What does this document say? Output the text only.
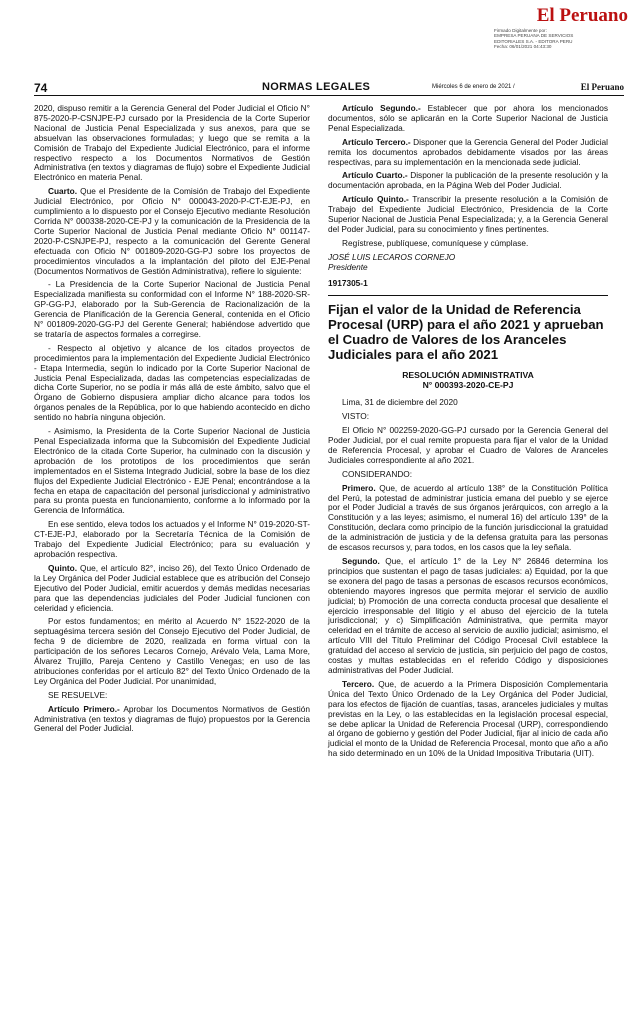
El Peruano
Firmado Digitalmente por:
EMPRESA PERUANA DE SERVICIOS
EDITORIALES S.A. - EDITORA PERU
Fecha: 06/01/2021 04:43:30
74	NORMAS LEGALES	Miércoles 6 de enero de 2021 /	El Peruano

2020, dispuso remitir a la Gerencia General del Poder Judicial el Oficio N° 875-2020-P-CSNJPE-PJ cursado por la Presidencia de la Corte Superior Nacional de Justicia Penal Especializada y sus anexos, para que se absuelvan las observaciones formuladas; y luego que se remita a la Comisión de Trabajo del Expediente Judicial Electrónico, para el informe respectivo respecto a los Documentos Normativos de Gestión Administrativa (en textos y diagramas de flujo) sobre el Expediente Judicial Electrónico en materia Penal.

Cuarto. Que el Presidente de la Comisión de Trabajo del Expediente Judicial Electrónico, por Oficio N° 000043-2020-P-CT-EJE-PJ, en cumplimiento a lo dispuesto por el Consejo Ejecutivo mediante Resolución Corrida N° 000338-2020-CE-PJ y la comunicación de la Presidencia de la Corte Superior Nacional de Justicia Penal mediante Oficio N° 001147-2020-P-CSNJPE-PJ, respecto a la comunicación del Gerente General efectuada con Oficio N° 001809-2020-GG-PJ sobre los proyectos de procedimientos vinculados a la implantación del piloto del EJE-Penal (Documentos Normativos de Gestión Administrativa), refiere lo siguiente:

- La Presidencia de la Corte Superior Nacional de Justicia Penal Especializada manifiesta su conformidad con el Informe N° 188-2020-SR-GP-GG-PJ, elaborado por la Sub-Gerencia de Racionalización de la Gerencia de Planificación de la Gerencia General, contenida en el Oficio N° 001809-2020-GG-PJ del Gerente General; habiéndose advertido que se trataría de aspectos formales a corregirse.

- Respecto al objetivo y alcance de los citados proyectos de procedimientos para la implementación del Expediente Judicial Electrónico - Etapa Intermedia, según lo indicado por la Corte Superior Nacional de Justicia Penal Especializada, dadas las competencias especializadas de dicha Corte Superior, no se podía ir más allá de este ámbito, salvo que el Órgano de Gobierno dispusiera ampliar dicho alcance para todos los órganos penales de la República, por lo que habiendo acontecido en dicho sentido no habría ninguna objeción.

- Asimismo, la Presidenta de la Corte Superior Nacional de Justicia Penal Especializada informa que la Subcomisión del Expediente Judicial Electrónico de la citada Corte Superior, ha culminado con la discusión y aprobación de los prototipos de los procedimientos que serán implementados en el Sistema Integrado Judicial, sobre la base de los diez flujos del Expediente Judicial Electrónico - EJE Penal; encontrándose a la fecha en etapa de capacitación del personal jurisdiccional y administrativo para su pronta puesta en funcionamiento, conforme a lo informado por la Gerencia de Informática.

En ese sentido, eleva todos los actuados y el Informe N° 019-2020-ST-CT-EJE-PJ, elaborado por la Secretaría Técnica de la Comisión de Trabajo del Expediente Judicial Electrónico; para su evaluación y aprobación respectiva.

Quinto. Que, el artículo 82°, inciso 26), del Texto Único Ordenado de la Ley Orgánica del Poder Judicial establece que es atribución del Consejo Ejecutivo del Poder Judicial, emitir acuerdos y demás medidas necesarias para que las dependencias judiciales del Poder Judicial funcionen con celeridad y eficiencia.

Por estos fundamentos; en mérito al Acuerdo N° 1522-2020 de la septuagésima tercera sesión del Consejo Ejecutivo del Poder Judicial, de fecha 9 de diciembre de 2020, realizada en forma virtual con la participación de los señores Lecaros Cornejo, Arévalo Vela, Lama More, Álvarez Trujillo, Pareja Centeno y Castillo Venegas; en uso de las atribuciones conferidas por el artículo 82° del Texto Único Ordenado de la Ley Orgánica del Poder Judicial. Por unanimidad,

SE RESUELVE:

Artículo Primero.- Aprobar los Documentos Normativos de Gestión Administrativa (en textos y diagramas de flujo) propuestos por la Gerencia General del Poder Judicial.

Artículo Segundo.- Establecer que por ahora los mencionados documentos, sólo se aplicarán en la Corte Superior Nacional de Justicia Penal Especializada.

Artículo Tercero.- Disponer que la Gerencia General del Poder Judicial remita los documentos aprobados debidamente visados por las áreas respectivas, para su implementación en la mencionada sede judicial.

Artículo Cuarto.- Disponer la publicación de la presente resolución y la documentación aprobada, en la Página Web del Poder Judicial.

Artículo Quinto.- Transcribir la presente resolución a la Comisión de Trabajo del Expediente Judicial Electrónico, Presidencia de la Corte Superior Nacional de Justicia Penal Especializada; y, a la Gerencia General del Poder Judicial, para su conocimiento y fines pertinentes.

Regístrese, publíquese, comuníquese y cúmplase.

JOSÉ LUIS LECAROS CORNEJO

Presidente

1917305-1

Fijan el valor de la Unidad de Referencia Procesal (URP) para el año 2021 y aprueban el Cuadro de Valores de los Aranceles Judiciales para el año 2021
RESOLUCIÓN ADMINISTRATIVA
N° 000393-2020-CE-PJ

Lima, 31 de diciembre del 2020

VISTO:

El Oficio N° 002259-2020-GG-PJ cursado por la Gerencia General del Poder Judicial, por el cual remite propuesta para fijar el valor de la Unidad de Referencia Procesal, y aprobar el Cuadro de Valores de Aranceles Judiciales correspondiente al año 2021.

CONSIDERANDO:

Primero. Que, de acuerdo al artículo 138° de la Constitución Política del Perú, la potestad de administrar justicia emana del pueblo y se ejerce por el Poder Judicial a través de sus órganos jerárquicos, con arreglo a la Constitución y a las leyes; asimismo, el numeral 16) del artículo 139° de la Constitución, declara como principio de la función jurisdiccional la gratuidad de la administración de justicia y de la defensa gratuita para las personas de escasos recursos y, para todos, en los casos que la ley señala.

Segundo. Que, el artículo 1° de la Ley N° 26846 determina los principios que sustentan el pago de tasas judiciales: a) Equidad, por la que se exonera del pago de tasas a personas de escasos recursos económicos, obteniendo mayores ingresos que permita mejorar el servicio de auxilio judicial; b) Promoción de una correcta conducta procesal que desaliente el ejercicio irresponsable del litigio y el abuso del ejercicio de la tutela jurisdiccional; y c) Simplificación Administrativa, que permita mayor celeridad en el trámite de acceso al servicio de auxilio judicial; asimismo, el artículo VIII del Título Preliminar del Código Procesal Civil establece la gratuidad del acceso al servicio de justicia, sin perjuicio del pago de costos, costas y multas establecidas en el referido Código y disposiciones administrativas del Poder Judicial.

Tercero. Que, de acuerdo a la Primera Disposición Complementaria Única del Texto Único Ordenado de la Ley Orgánica del Poder Judicial, para los efectos de fijación de cuantías, tasas, aranceles judiciales y multas previstas en la Ley, o las establecidas en la legislación procesal especial, se debe aplicar la Unidad de Referencia Procesal (URP), correspondiendo al órgano de gobierno y gestión del Poder Judicial, fijar al inicio de cada año judicial el monto de la Unidad de Referencia Procesal, monto que año a año ha sido determinado en un 10% de la Unidad Impositiva Tributaria (UIT).
